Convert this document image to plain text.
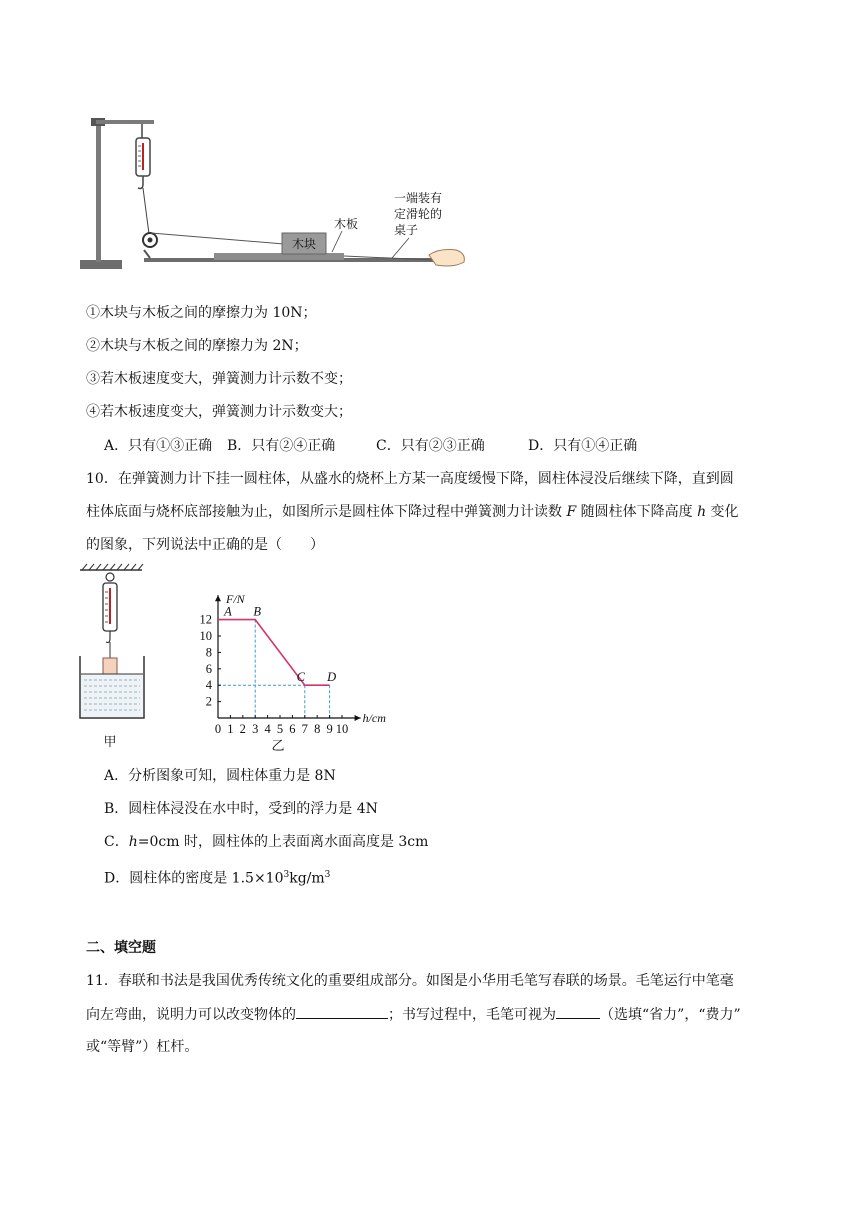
木块
木板
一端装有
定滑轮的
桌子
①木块与木板之间的摩擦力为 10N；
②木块与木板之间的摩擦力为 2N；
③若木板速度变大，弹簧测力计示数不变；
④若木板速度变大，弹簧测力计示数变大；
A．只有①③正确 B．只有②④正确	C．只有②③正确	D．只有①④正确
10．在弹簧测力计下挂一圆柱体，从盛水的烧杯上方某一高度缓慢下降，圆柱体浸没后继续下降，直到圆
柱体底面与烧杯底部接触为止，如图所示是圆柱体下降过程中弹簧测力计读数 F 随圆柱体下降高度 h 变化
的图象，下列说法中正确的是（　　）
甲
F/N
h/cm
0 1 2 3 4 5 6 7 8 9 10
2
4
6
8
10
12
A B
C D
乙
A．分析图象可知，圆柱体重力是 8N
B．圆柱体浸没在水中时，受到的浮力是 4N
C．h=0cm 时，圆柱体的上表面离水面高度是 3cm
D．圆柱体的密度是 $1.5\times 10^3kg/m^3$
二、填空题
11．春联和书法是我国优秀传统文化的重要组成部分。如图是小华用毛笔写春联的场景。毛笔运行中笔毫
向左弯曲，说明力可以改变物体的	；书写过程中，毛笔可视为	（选填“省力”，“费力”
或“等臂”）杠杆。
